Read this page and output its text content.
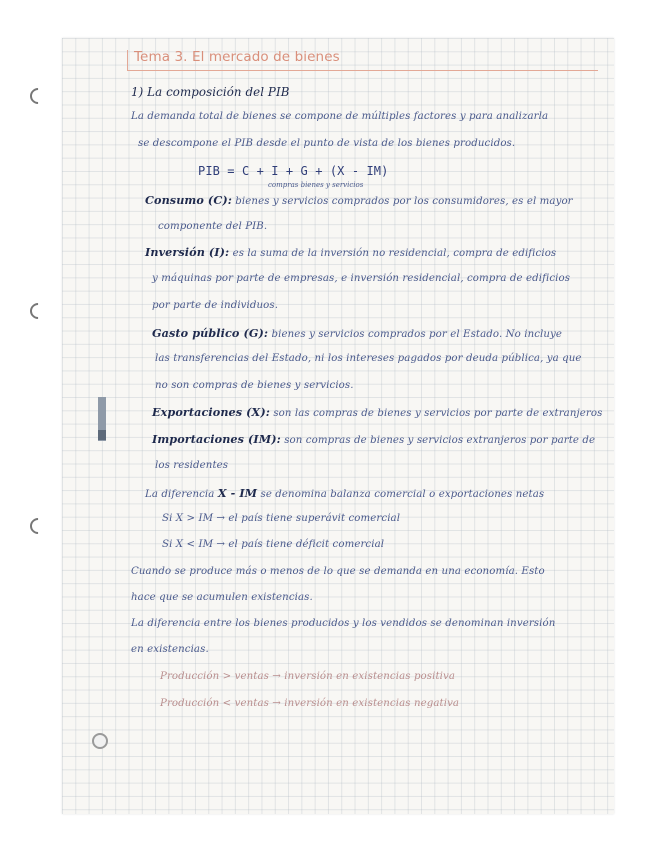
Tema 3. El mercado de bienes
1) La composición del PIB
La demanda total de bienes se compone de múltiples factores y para analizarla
se descompone el PIB desde el punto de vista de los bienes producidos.
PIB = C + I + G + (X - IM)
compras bienes y servicios
Consumo (C): bienes y servicios comprados por los consumidores, es el mayor
componente del PIB.
Inversión (I): es la suma de la inversión no residencial, compra de edificios
y máquinas por parte de empresas, e inversión residencial, compra de edificios
por parte de individuos.
Gasto público (G): bienes y servicios comprados por el Estado. No incluye
las transferencias del Estado, ni los intereses pagados por deuda pública, ya que
no son compras de bienes y servicios.
Exportaciones (X): son las compras de bienes y servicios por parte de extranjeros
Importaciones (IM): son compras de bienes y servicios extranjeros por parte de
los residentes
La diferencia X - IM se denomina balanza comercial o exportaciones netas
Si X > IM → el país tiene superávit comercial
Si X < IM → el país tiene déficit comercial
Cuando se produce más o menos de lo que se demanda en una economía. Esto
hace que se acumulen existencias.
La diferencia entre los bienes producidos y los vendidos se denominan inversión
en existencias.
Producción > ventas → inversión en existencias positiva
Producción < ventas → inversión en existencias negativa
